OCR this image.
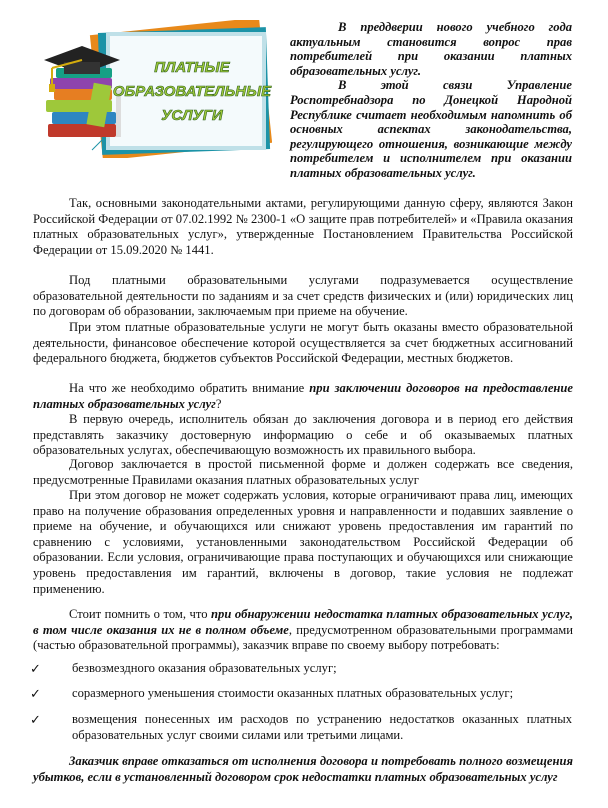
ПЛАТНЫЕ
ОБРАЗОВАТЕЛЬНЫЕ
УСЛУГИ

В преддверии нового учебного года актуальным становится вопрос прав потребителей при оказании платных образовательных услуг.

В этой связи Управление Роспотребнадзора по Донецкой Народной Республике считает необходимым напомнить об основных аспектах законодательства, регулирующего отношения, возникающие между потребителем и исполнителем при оказании платных образовательных услуг.

Так, основными законодательными актами, регулирующими данную сферу, являются Закон Российской Федерации от 07.02.1992 № 2300-1 «О защите прав потребителей» и «Правила оказания платных образовательных услуг», утвержденные Постановлением Правительства Российской Федерации от 15.09.2020 № 1441.

Под платными образовательными услугами подразумевается осуществление образовательной деятельности по заданиям и за счет средств физических и (или) юридических лиц по договорам об образовании, заключаемым при приеме на обучение.

При этом платные образовательные услуги не могут быть оказаны вместо образовательной деятельности, финансовое обеспечение которой осуществляется за счет бюджетных ассигнований федерального бюджета, бюджетов субъектов Российской Федерации, местных бюджетов.

На что же необходимо обратить внимание при заключении договоров на предоставление платных образовательных услуг?

В первую очередь, исполнитель обязан до заключения договора и в период его действия представлять заказчику достоверную информацию о себе и об оказываемых платных образовательных услугах, обеспечивающую возможность их правильного выбора.

Договор заключается в простой письменной форме и должен содержать все сведения, предусмотренные Правилами оказания платных образовательных услуг

При этом договор не может содержать условия, которые ограничивают права лиц, имеющих право на получение образования определенных уровня и направленности и подавших заявление о приеме на обучение, и обучающихся или снижают уровень предоставления им гарантий по сравнению с условиями, установленными законодательством Российской Федерации об образовании. Если условия, ограничивающие права поступающих и обучающихся или снижающие уровень предоставления им гарантий, включены в договор, такие условия не подлежат применению.

Стоит помнить о том, что при обнаружении недостатка платных образовательных услуг, в том числе оказания их не в полном объеме, предусмотренном образовательными программами (частью образовательной программы), заказчик вправе по своему выбору потребовать:

✓ безвозмездного оказания образовательных услуг;

✓ соразмерного уменьшения стоимости оказанных платных образовательных услуг;

✓ возмещения понесенных им расходов по устранению недостатков оказанных платных образовательных услуг своими силами или третьими лицами.

Заказчик вправе отказаться от исполнения договора и потребовать полного возмещения убытков, если в установленный договором срок недостатки платных образовательных услуг
